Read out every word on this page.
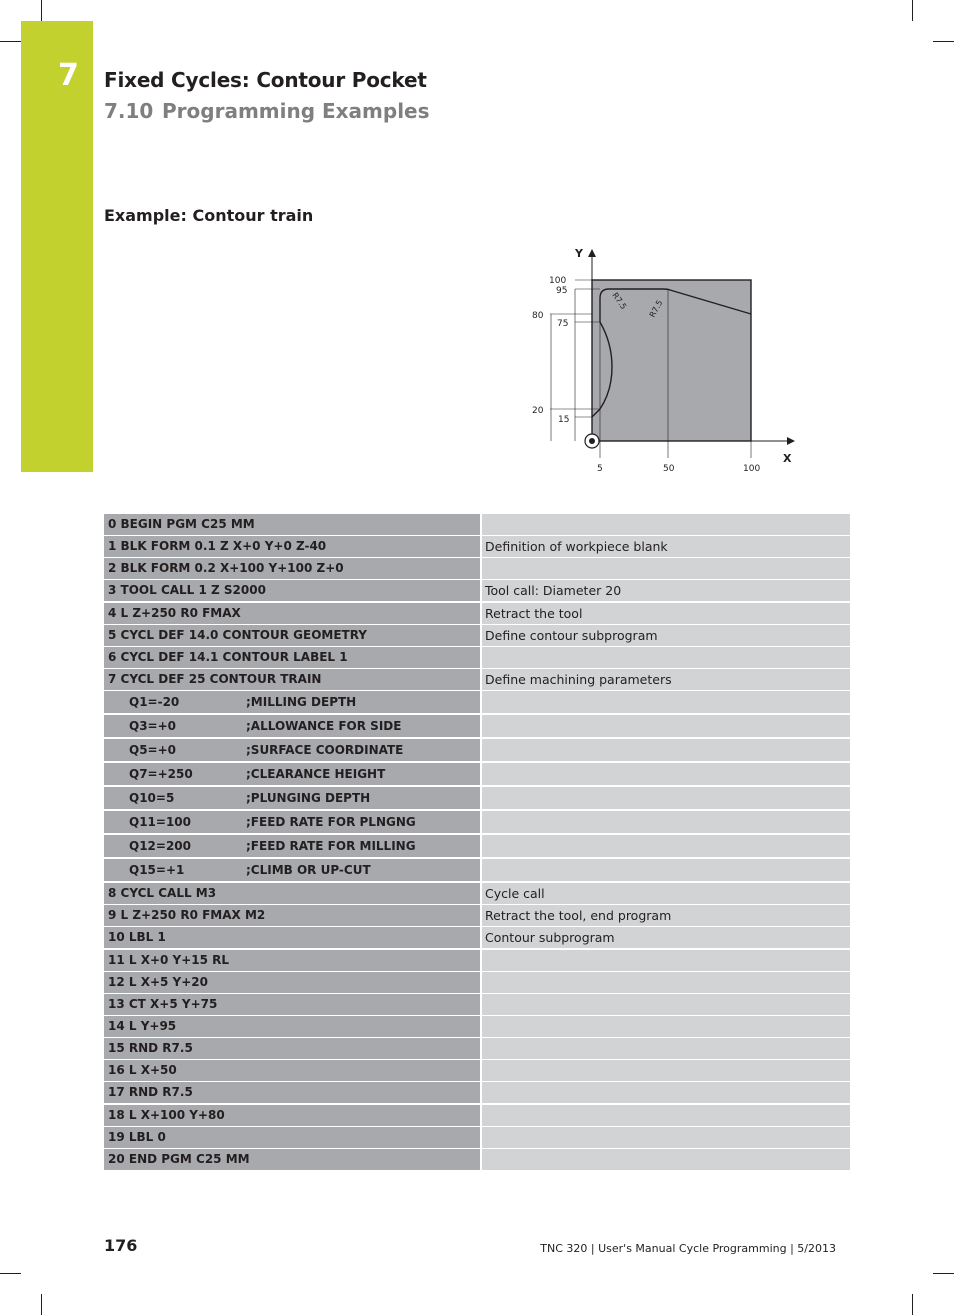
7 Fixed Cycles: Contour Pocket
7.10 Programming Examples
Example: Contour train
Y
X
100
95
80
75
20
15
5	50	100
R7.5 R7.5
0 BEGIN PGM C25 MM
1 BLK FORM 0.1 Z X+0 Y+0 Z-40	Definition of workpiece blank
2 BLK FORM 0.2 X+100 Y+100 Z+0
3 TOOL CALL 1 Z S2000	Tool call: Diameter 20
4 L Z+250 R0 FMAX	Retract the tool
5 CYCL DEF 14.0 CONTOUR GEOMETRY	Define contour subprogram
6 CYCL DEF 14.1 CONTOUR LABEL 1
7 CYCL DEF 25 CONTOUR TRAIN	Define machining parameters
Q1=-20	;MILLING DEPTH
Q3=+0	;ALLOWANCE FOR SIDE
Q5=+0	;SURFACE COORDINATE
Q7=+250	;CLEARANCE HEIGHT
Q10=5	;PLUNGING DEPTH
Q11=100	;FEED RATE FOR PLNGNG
Q12=200	;FEED RATE FOR MILLING
Q15=+1	;CLIMB OR UP-CUT
8 CYCL CALL M3	Cycle call
9 L Z+250 R0 FMAX M2	Retract the tool, end program
10 LBL 1	Contour subprogram
11 L X+0 Y+15 RL
12 L X+5 Y+20
13 CT X+5 Y+75
14 L Y+95
15 RND R7.5
16 L X+50
17 RND R7.5
18 L X+100 Y+80
19 LBL 0
20 END PGM C25 MM
176	TNC 320 | User's Manual Cycle Programming | 5/2013
